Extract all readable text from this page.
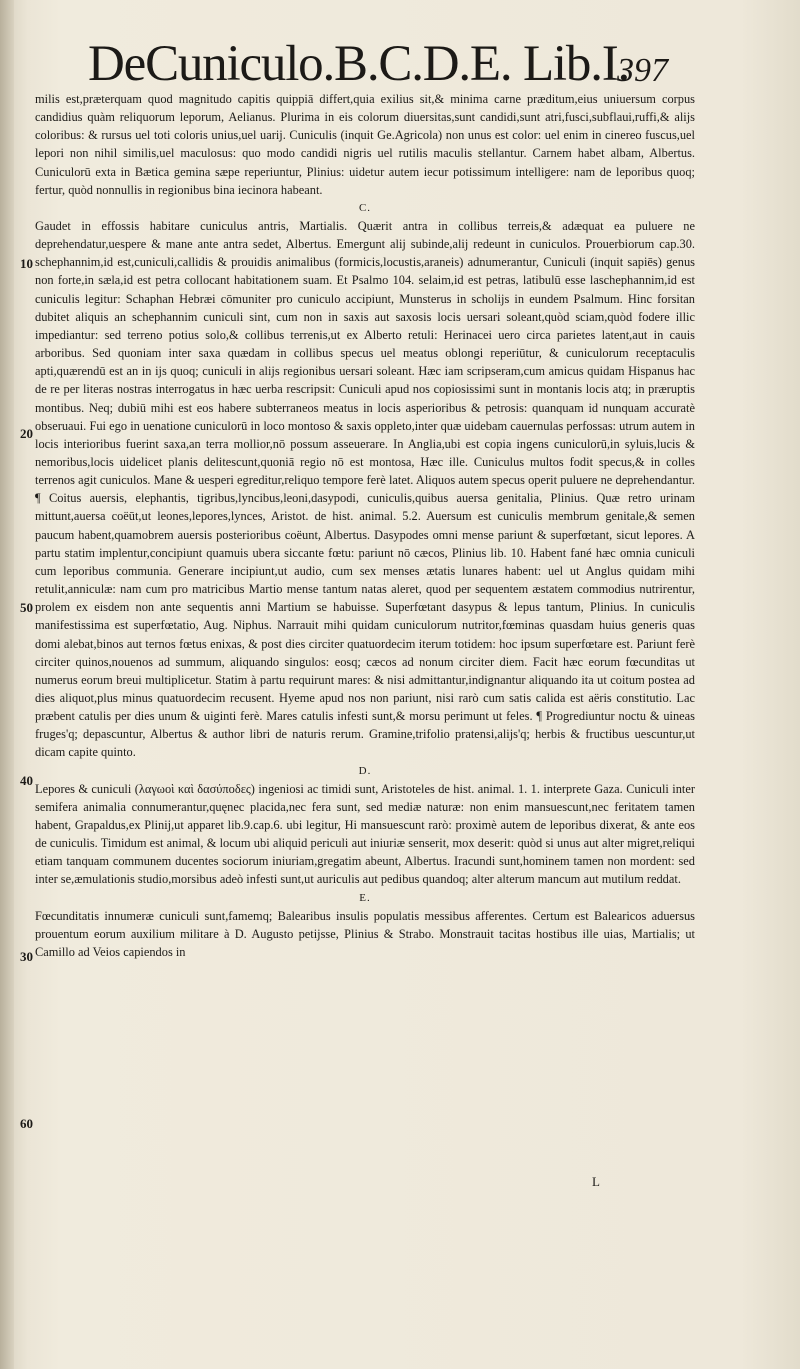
DeCuniculo.B.C.D.E. Lib.I.
397
10
20
30
40
50
60

milis est,prӕterquam quod magnitudo capitis quippiā differt,quia exilius sit,& minima carne prӕditum,eius uniuersum corpus candidius quàm reliquorum leporum, Aelianus. Plurima in eis colorum diuersitas,sunt candidi,sunt atri,fusci,subflaui,ruffi,& alijs coloribus: & rursus uel toti coloris unius,uel uarij. Cuniculis (inquit Ge.Agricola) non unus est color: uel enim in cinereo fuscus,uel lepori non nihil similis,uel maculosus: quo modo candidi nigris uel rutilis maculis stellantur. Carnem habet albam, Albertus. Cuniculorū exta in Bӕtica gemina sӕpe reperiuntur, Plinius: uidetur autem iecur potissimum intelligere: nam de leporibus quoq; fertur, quòd nonnullis in regionibus bina iecinora habeant.

C.

Gaudet in effossis habitare cuniculus antris, Martialis. Quӕrit antra in collibus terreis,& adӕquat ea puluere ne deprehendatur,uespere & mane ante antra sedet, Albertus. Emergunt alij subinde,alij redeunt in cuniculos. Prouerbiorum cap.30. schephannim,id est,cuniculi,callidis & prouidis animalibus (formicis,locustis,araneis) adnumerantur, Cuniculi (inquit sapiēs) genus non forte,in sӕla,id est petra collocant habitationem suam. Et Psalmo 104. selaim,id est petras, latibulū esse laschephannim,id est cuniculis legitur: Schaphan Hebrӕi cōmuniter pro cuniculo accipiunt, Munsterus in scholijs in eundem Psalmum. Hinc forsitan dubitet aliquis an schephannim cuniculi sint, cum non in saxis aut saxosis locis uersari soleant,quòd sciam,quòd fodere illic impediantur: sed terreno potius solo,& collibus terrenis,ut ex Alberto retuli: Herinacei uero circa parietes latent,aut in cauis arboribus. Sed quoniam inter saxa quӕdam in collibus specus uel meatus oblongi reperiūtur, & cuniculorum receptaculis apti,quӕrendū est an in ijs quoq; cuniculi in alijs regionibus uersari soleant. Hӕc iam scripseram,cum amicus quidam Hispanus hac de re per literas nostras interrogatus in hӕc uerba rescripsit: Cuniculi apud nos copiosissimi sunt in montanis locis atq; in prӕruptis montibus. Neq; dubiū mihi est eos habere subterraneos meatus in locis asperioribus & petrosis: quanquam id nunquam accuratè obseruaui. Fui ego in uenatione cuniculorū in loco montoso & saxis oppleto,inter quӕ uidebam cauernulas perfossas: utrum autem in locis interioribus fuerint saxa,an terra mollior,nō possum asseuerare. In Anglia,ubi est copia ingens cuniculorū,in syluis,lucis & nemoribus,locis uidelicet planis delitescunt,quoniā regio nō est montosa, Hӕc ille. Cuniculus multos fodit specus,& in colles terrenos agit cuniculos. Mane & uesperi egreditur,reliquo tempore ferè latet. Aliquos autem specus operit puluere ne deprehendantur. ¶ Coitus auersis, elephantis, tigribus,lyncibus,leoni,dasypodi, cuniculis,quibus auersa genitalia, Plinius. Quӕ retro urinam mittunt,auersa coëūt,ut leones,lepores,lynces, Aristot. de hist. animal. 5.2. Auersum est cuniculis membrum genitale,& semen paucum habent,quamobrem auersis posterioribus coëunt, Albertus. Dasypodes omni mense pariunt & superfœtant, sicut lepores. A partu statim implentur,concipiunt quamuis ubera siccante fœtu: pariunt nō cӕcos, Plinius lib. 10. Habent fané hӕc omnia cuniculi cum leporibus communia. Generare incipiunt,ut audio, cum sex menses ӕtatis lunares habent: uel ut Anglus quidam mihi retulit,anniculӕ: nam cum pro matricibus Martio mense tantum natas aleret, quod per sequentem ӕstatem commodius nutrirentur, prolem ex eisdem non ante sequentis anni Martium se habuisse. Superfœtant dasypus & lepus tantum, Plinius. In cuniculis manifestissima est superfœtatio, Aug. Niphus. Narrauit mihi quidam cuniculorum nutritor,fœminas quasdam huius generis quas domi alebat,binos aut ternos fœtus enixas, & post dies circiter quatuordecim iterum totidem: hoc ipsum superfœtare est. Pariunt ferè circiter quinos,nouenos ad summum, aliquando singulos: eosq; cӕcos ad nonum circiter diem. Facit hӕc eorum fœcunditas ut numerus eorum breui multiplicetur. Statim à partu requirunt mares: & nisi admittantur,indignantur aliquando ita ut coitum postea ad dies aliquot,plus minus quatuordecim recusent. Hyeme apud nos non pariunt, nisi rarò cum satis calida est aëris constitutio. Lac prӕbent catulis per dies unum & uiginti ferè. Mares catulis infesti sunt,& morsu perimunt ut feles. ¶ Progrediuntur noctu & uineas fruges'q; depascuntur, Albertus & author libri de naturis rerum. Gramine,trifolio pratensi,alijs'q; herbis & fructibus uescuntur,ut dicam capite quinto.

D.

Lepores & cuniculi (λαγωοὶ καὶ δασύποδες) ingeniosi ac timidi sunt, Aristoteles de hist. animal. 1. 1. interprete Gaza. Cuniculi inter semifera animalia connumerantur,quęnec placida,nec fera sunt, sed mediӕ naturӕ: non enim mansuescunt,nec feritatem tamen habent, Grapaldus,ex Plinij,ut apparet lib.9.cap.6. ubi legitur, Hi mansuescunt rarò: proximè autem de leporibus dixerat, & ante eos de cuniculis. Timidum est animal, & locum ubi aliquid periculi aut iniuriӕ senserit, mox deserit: quòd si unus aut alter migret,reliqui etiam tanquam communem ducentes sociorum iniuriam,gregatim abeunt, Albertus. Iracundi sunt,hominem tamen non mordent: sed inter se,ӕmulationis studio,morsibus adeò infesti sunt,ut auriculis aut pedibus quandoq; alter alterum mancum aut mutilum reddat.

E.

Fœcunditatis innumerӕ cuniculi sunt,famemq; Balearibus insulis populatis messibus afferentes. Certum est Balearicos aduersus prouentum eorum auxilium militare à D. Augusto petijsse, Plinius & Strabo. Monstrauit tacitas hostibus ille uias, Martialis; ut Camillo ad Veios capiendos in

L
